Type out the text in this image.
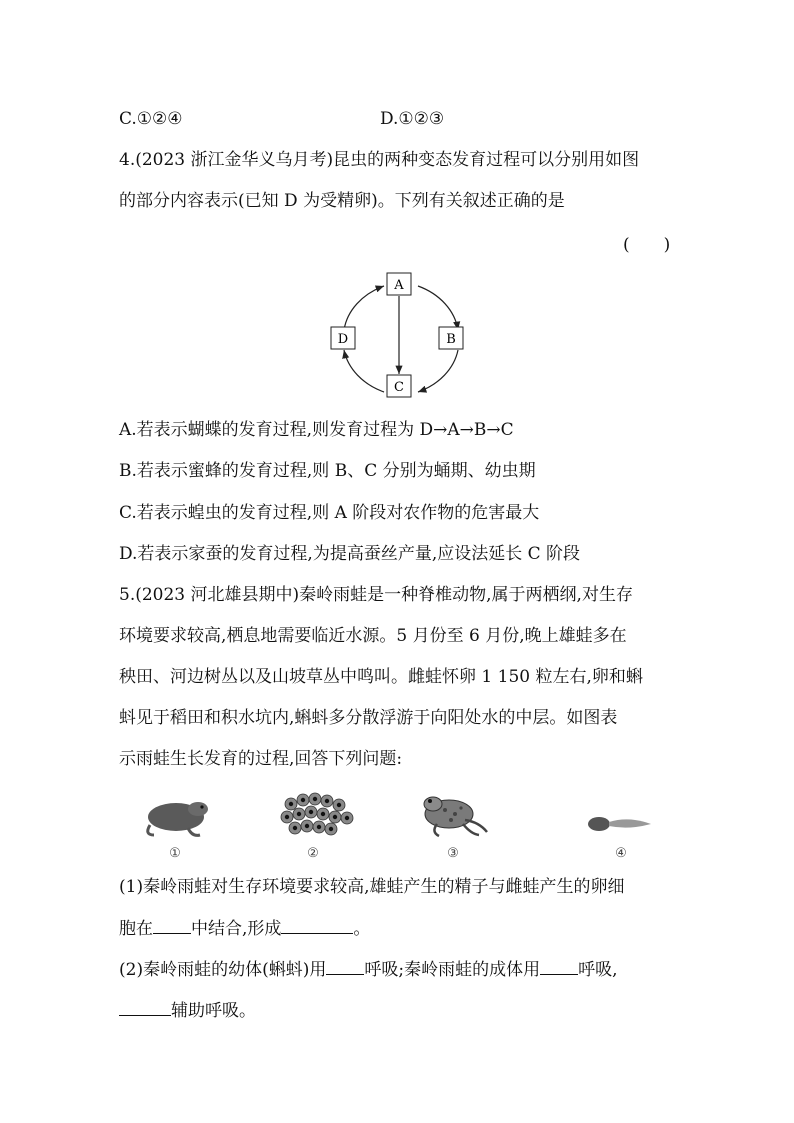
C.①②④	D.①②③
4.(2023 浙江金华义乌月考)昆虫的两种变态发育过程可以分别用如图
的部分内容表示(已知 D 为受精卵)。下列有关叙述正确的是
(　　)
A
B
C
D
A.若表示蝴蝶的发育过程,则发育过程为 D→A→B→C
B.若表示蜜蜂的发育过程,则 B、C 分别为蛹期、幼虫期
C.若表示蝗虫的发育过程,则 A 阶段对农作物的危害最大
D.若表示家蚕的发育过程,为提高蚕丝产量,应设法延长 C 阶段
5.(2023 河北雄县期中)秦岭雨蛙是一种脊椎动物,属于两栖纲,对生存
环境要求较高,栖息地需要临近水源。5 月份至 6 月份,晚上雄蛙多在
秧田、河边树丛以及山坡草丛中鸣叫。雌蛙怀卵 1 150 粒左右,卵和蝌
蚪见于稻田和积水坑内,蝌蚪多分散浮游于向阳处水的中层。如图表
示雨蛙生长发育的过程,回答下列问题:
①	②	③	④
(1)秦岭雨蛙对生存环境要求较高,雄蛙产生的精子与雌蛙产生的卵细
胞在 中结合,形成	。
(2)秦岭雨蛙的幼体(蝌蚪)用 呼吸;秦岭雨蛙的成体用 呼吸,
辅助呼吸。
